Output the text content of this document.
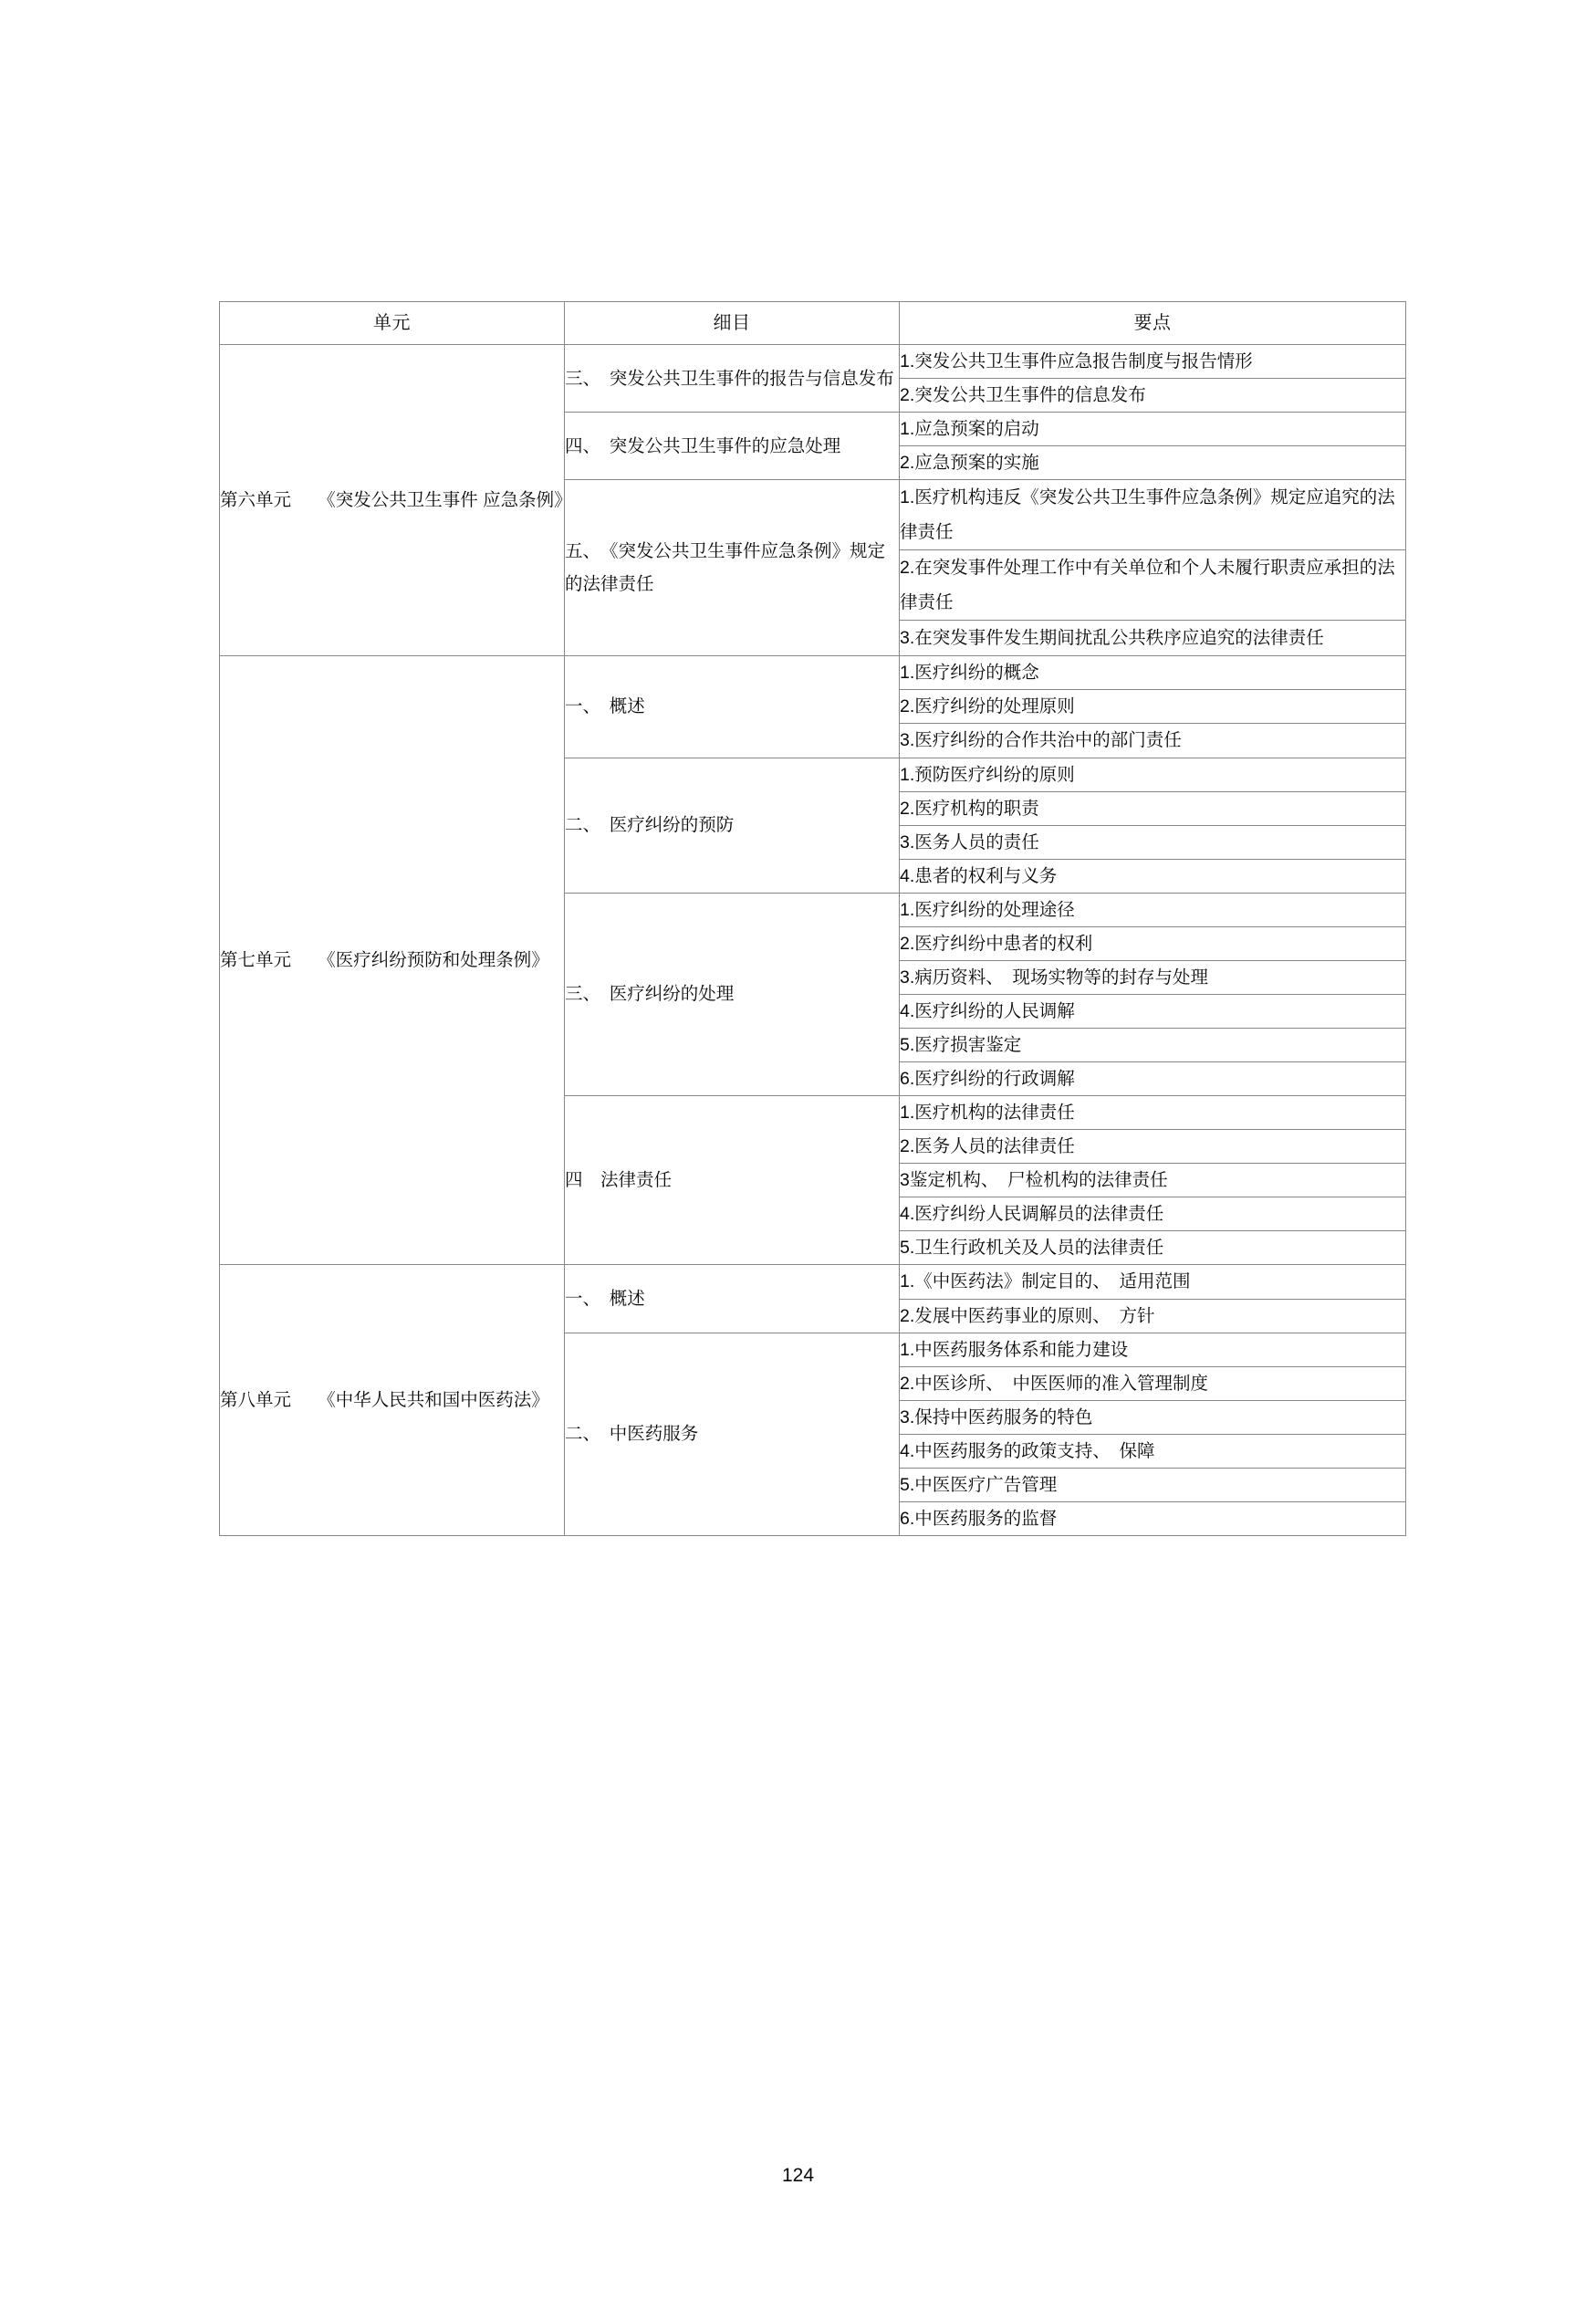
单元	细目	要点

第六单元　　《突发公共卫生事件 应急条例》	三、　突发公共卫生事件的报告与信息发布	1.突发公共卫生事件应急报告制度与报告情形
		2.突发公共卫生事件的信息发布
	四、　突发公共卫生事件的应急处理	1.应急预案的启动
		2.应急预案的实施
	五、　《突发公共卫生事件应急条例》规定的法律责任	1.医疗机构违反《突发公共卫生事件应急条例》规定应追究的法律责任
		2.在突发事件处理工作中有关单位和个人未履行职责应承担的法律责任
		3.在突发事件发生期间扰乱公共秩序应追究的法律责任

第七单元　　《医疗纠纷预防和处理条例》	一、　概述	1.医疗纠纷的概念
		2.医疗纠纷的处理原则
		3.医疗纠纷的合作共治中的部门责任
	二、　医疗纠纷的预防	1.预防医疗纠纷的原则
		2.医疗机构的职责
		3.医务人员的责任
		4.患者的权利与义务
	三、　医疗纠纷的处理	1.医疗纠纷的处理途径
		2.医疗纠纷中患者的权利
		3.病历资料、　现场实物等的封存与处理
		4.医疗纠纷的人民调解
		5.医疗损害鉴定
		6.医疗纠纷的行政调解
	四　法律责任	1.医疗机构的法律责任
		2.医务人员的法律责任
		3鉴定机构、　尸检机构的法律责任
		4.医疗纠纷人民调解员的法律责任
		5.卫生行政机关及人员的法律责任

第八单元　　《中华人民共和国中医药法》	一、　概述	1.《中医药法》制定目的、　适用范围
		2.发展中医药事业的原则、　方针
	二、　中医药服务	1.中医药服务体系和能力建设
		2.中医诊所、　中医医师的准入管理制度
		3.保持中医药服务的特色
		4.中医药服务的政策支持、　保障
		5.中医医疗广告管理
		6.中医药服务的监督
124
